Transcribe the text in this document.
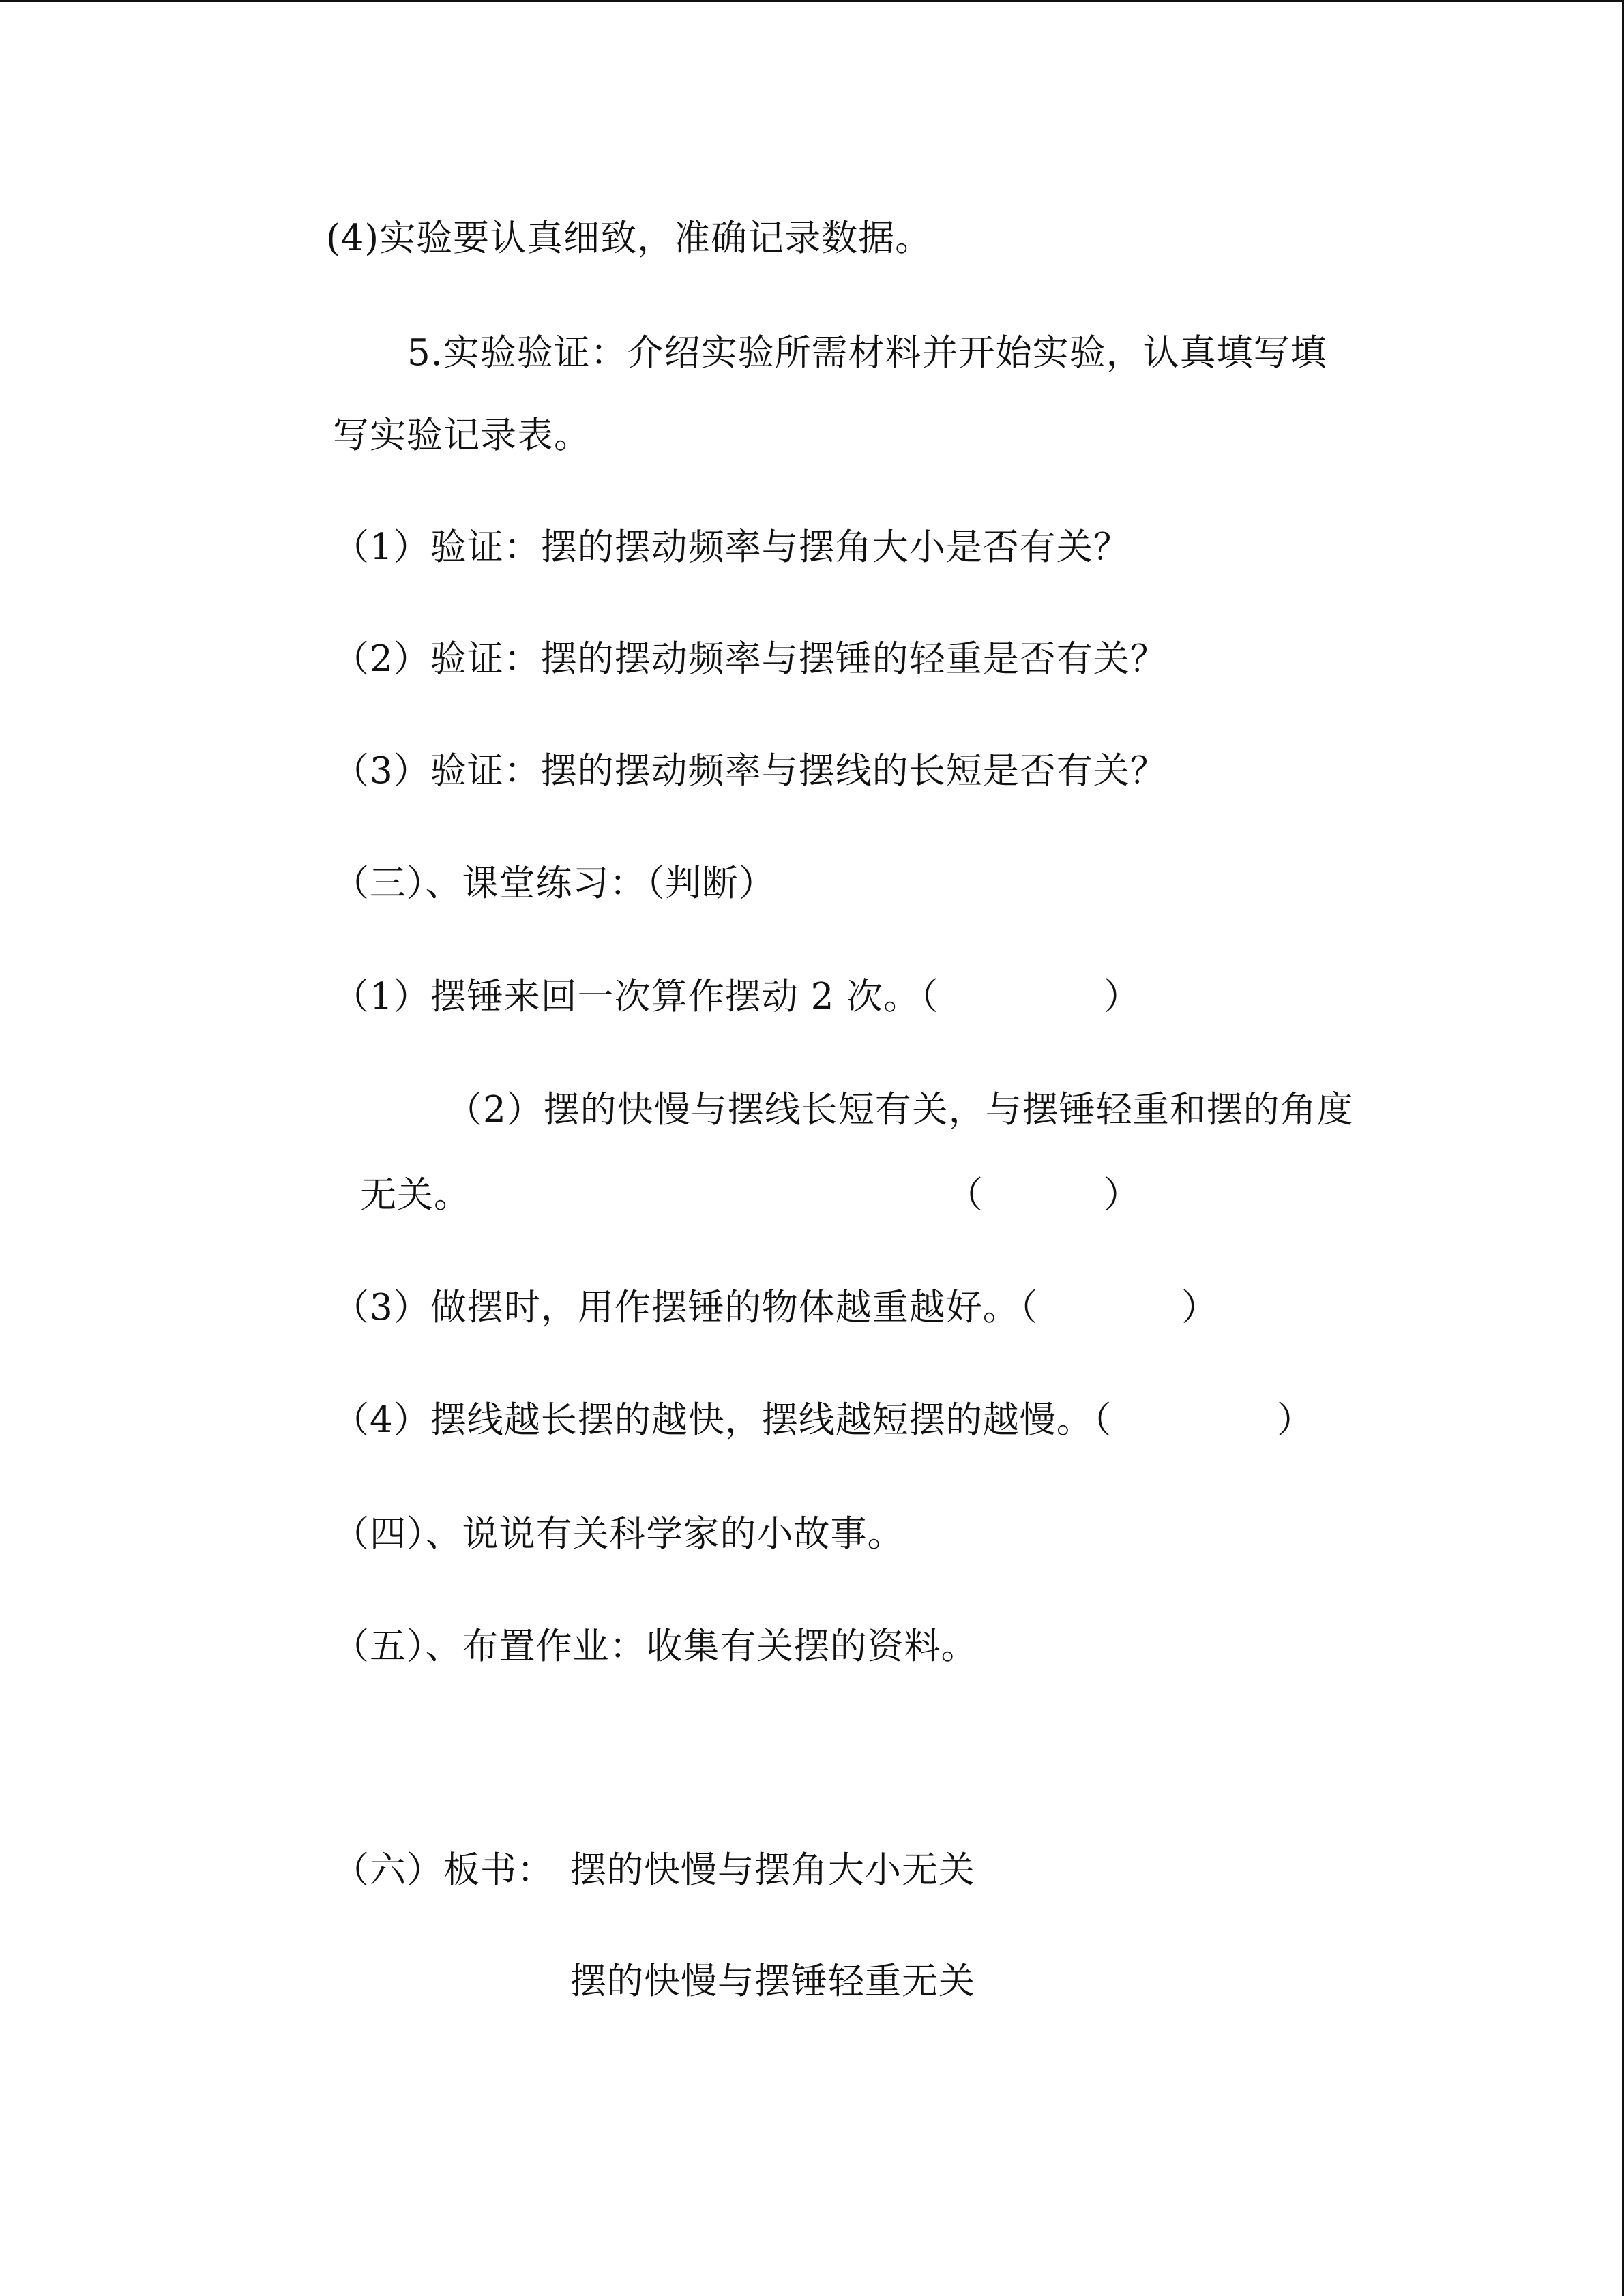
(4)实验要认真细致，准确记录数据。
5.实验验证：介绍实验所需材料并开始实验，认真填写填
写实验记录表。
（1）验证：摆的摆动频率与摆角大小是否有关？
（2）验证：摆的摆动频率与摆锤的轻重是否有关？
（3）验证：摆的摆动频率与摆线的长短是否有关？
（三）、课堂练习：（判断）
（1）摆锤来回一次算作摆动 2 次。（	）
（2）摆的快慢与摆线长短有关，与摆锤轻重和摆的角度
无关。	（	）
（3）做摆时，用作摆锤的物体越重越好。（	）
（4）摆线越长摆的越快，摆线越短摆的越慢。（	）
（四）、说说有关科学家的小故事。
（五）、布置作业：收集有关摆的资料。
（六）板书： 摆的快慢与摆角大小无关
摆的快慢与摆锤轻重无关
